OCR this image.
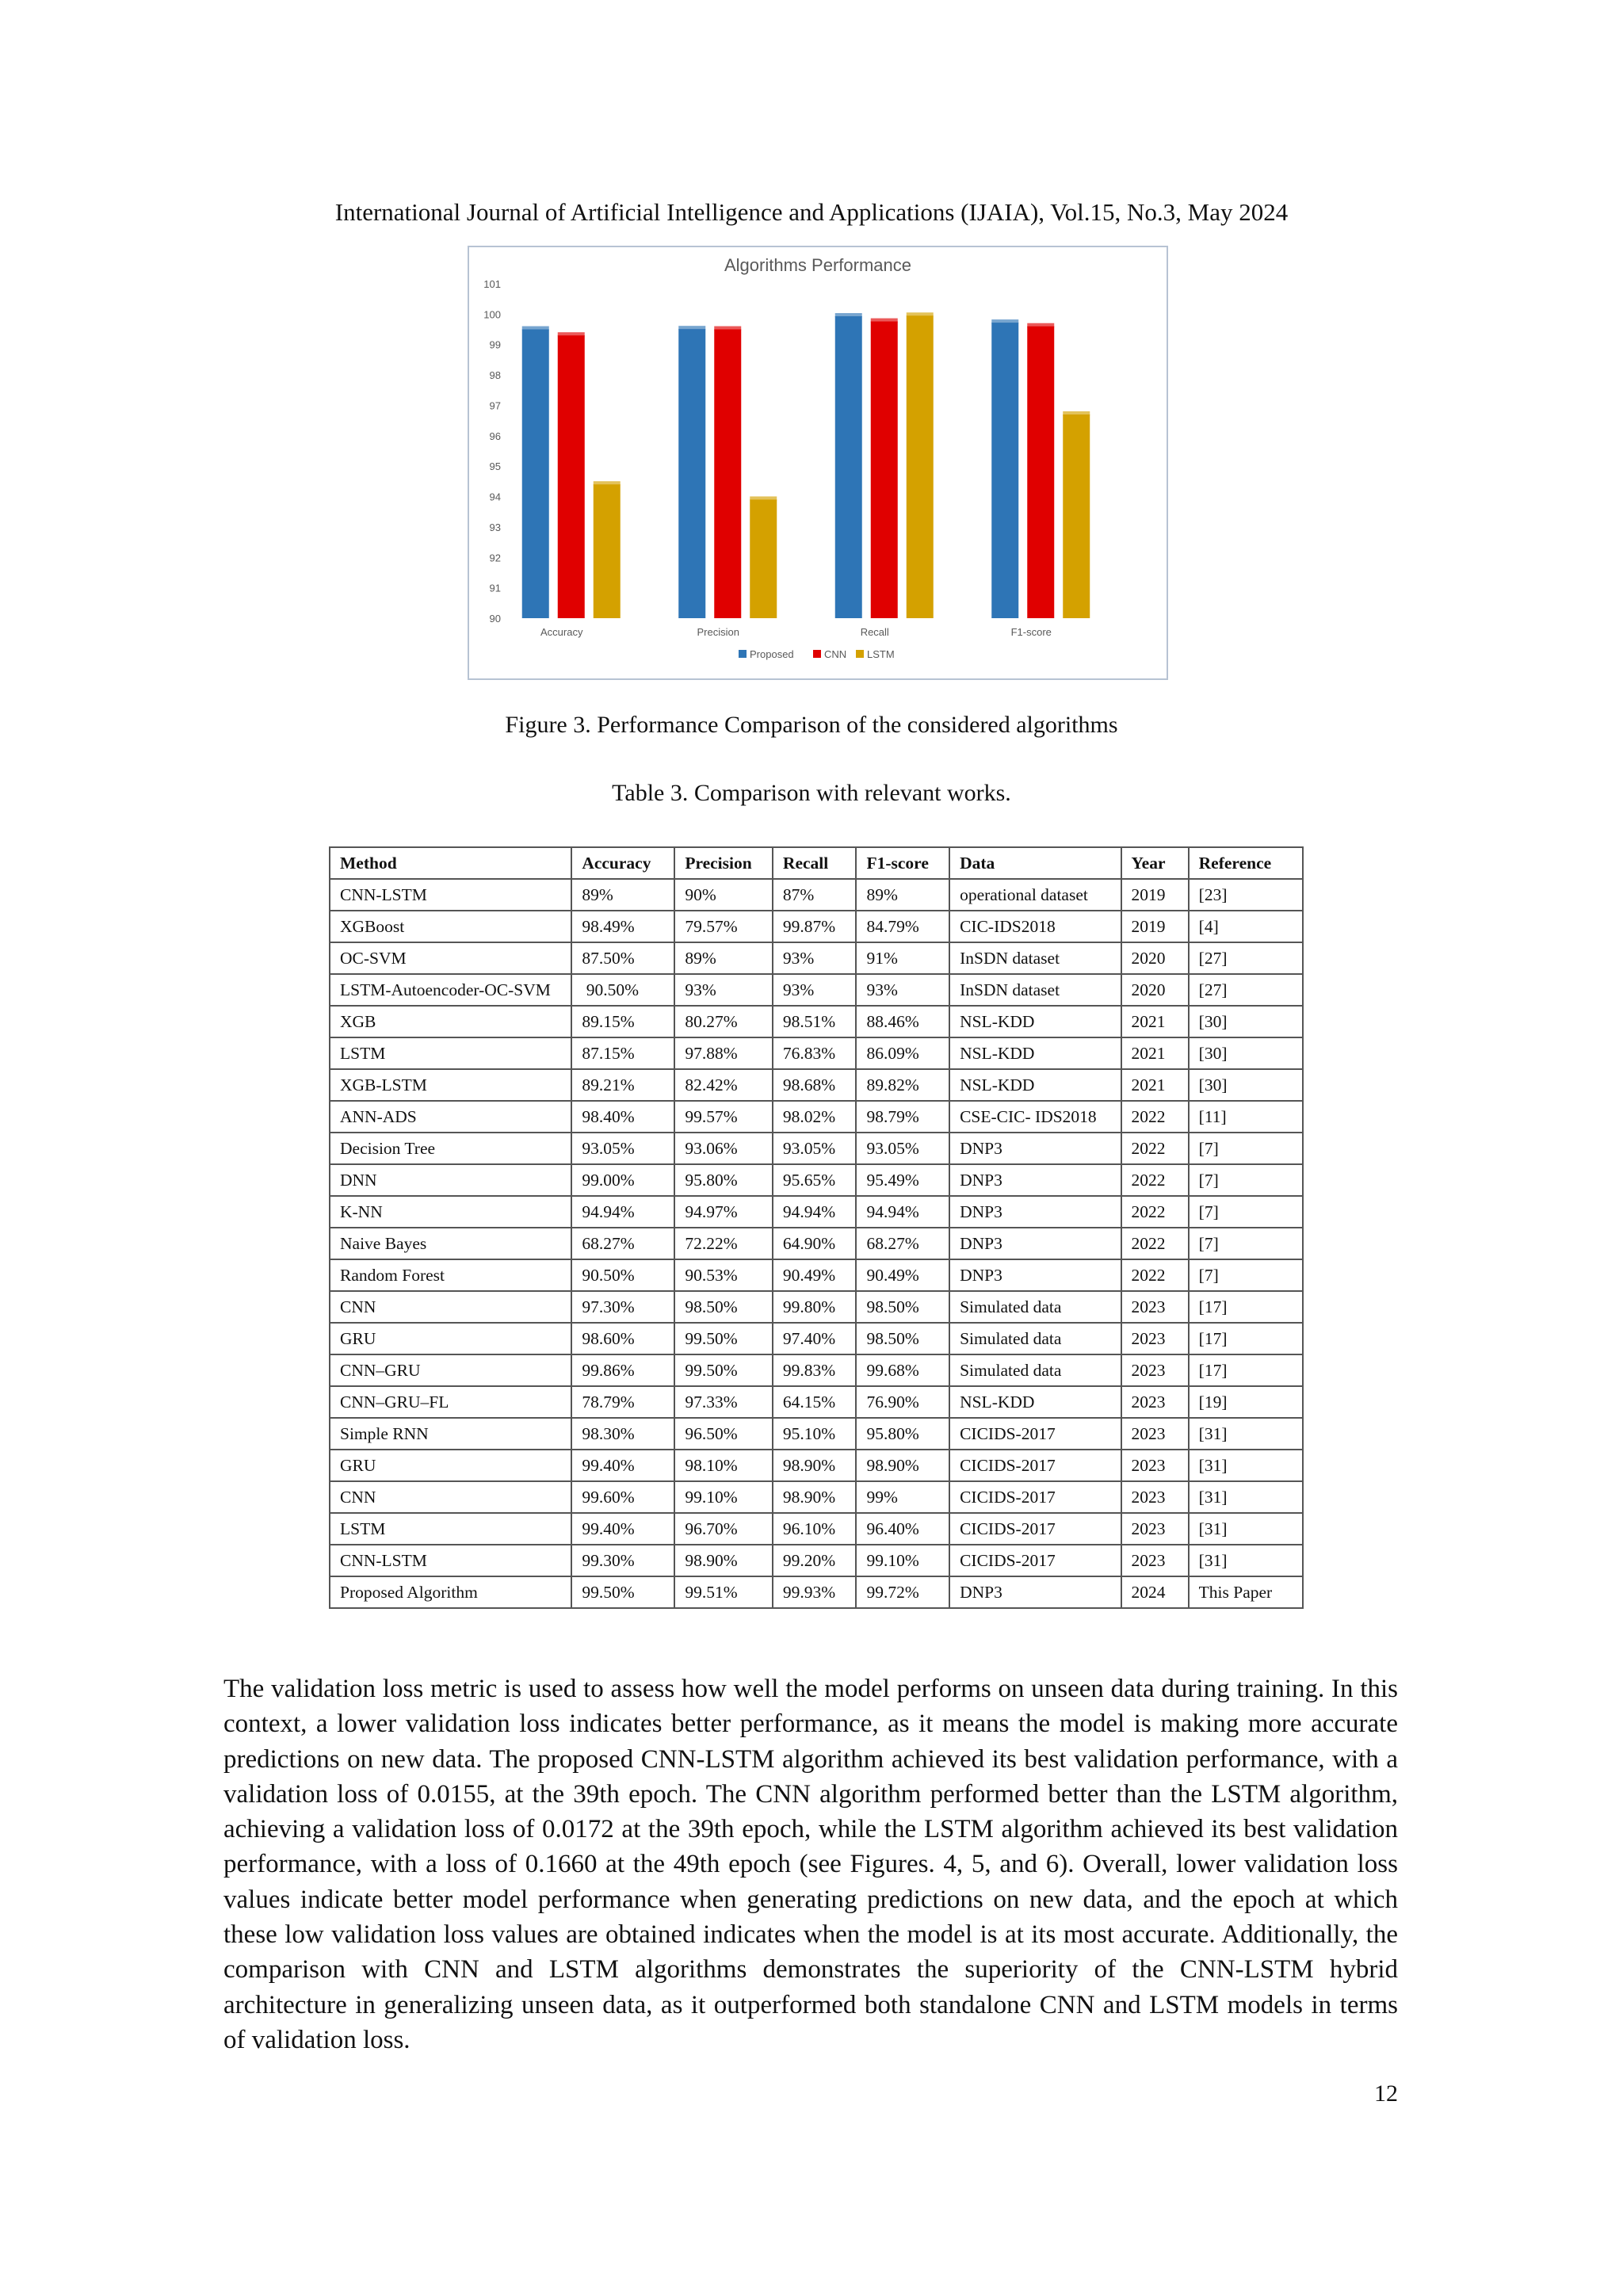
International Journal of Artificial Intelligence and Applications (IJAIA), Vol.15, No.3, May 2024
Algorithms Performance
101
100
99
98
97
96
95
94
93
92
91
90
Accuracy	Precision	Recall	F1-score
Proposed	CNN LSTM
Figure 3. Performance Comparison of the considered algorithms
Table 3. Comparison with relevant works.
Method	Accuracy	Precision	Recall	F1-score	Data	Year	Reference
CNN-LSTM	89%	90%	87%	89%	operational dataset	2019	[23]
XGBoost	98.49%	79.57%	99.87%	84.79%	CIC-IDS2018	2019	[4]
OC-SVM	87.50%	89%	93%	91%	InSDN dataset	2020	[27]
LSTM-Autoencoder-OC-SVM	90.50%	93%	93%	93%	InSDN dataset	2020	[27]
XGB	89.15%	80.27%	98.51%	88.46%	NSL-KDD	2021	[30]
LSTM	87.15%	97.88%	76.83%	86.09%	NSL-KDD	2021	[30]
XGB-LSTM	89.21%	82.42%	98.68%	89.82%	NSL-KDD	2021	[30]
ANN-ADS	98.40%	99.57%	98.02%	98.79%	CSE-CIC- IDS2018	2022	[11]
Decision Tree	93.05%	93.06%	93.05%	93.05%	DNP3	2022	[7]
DNN	99.00%	95.80%	95.65%	95.49%	DNP3	2022	[7]
K-NN	94.94%	94.97%	94.94%	94.94%	DNP3	2022	[7]
Naive Bayes	68.27%	72.22%	64.90%	68.27%	DNP3	2022	[7]
Random Forest	90.50%	90.53%	90.49%	90.49%	DNP3	2022	[7]
CNN	97.30%	98.50%	99.80%	98.50%	Simulated data	2023	[17]
GRU	98.60%	99.50%	97.40%	98.50%	Simulated data	2023	[17]
CNN–GRU	99.86%	99.50%	99.83%	99.68%	Simulated data	2023	[17]
CNN–GRU–FL	78.79%	97.33%	64.15%	76.90%	NSL-KDD	2023	[19]
Simple RNN	98.30%	96.50%	95.10%	95.80%	CICIDS-2017	2023	[31]
GRU	99.40%	98.10%	98.90%	98.90%	CICIDS-2017	2023	[31]
CNN	99.60%	99.10%	98.90%	99%	CICIDS-2017	2023	[31]
LSTM	99.40%	96.70%	96.10%	96.40%	CICIDS-2017	2023	[31]
CNN-LSTM	99.30%	98.90%	99.20%	99.10%	CICIDS-2017	2023	[31]
Proposed Algorithm	99.50%	99.51%	99.93%	99.72%	DNP3	2024	This Paper

The validation loss metric is used to assess how well the model performs on unseen data during training. In this context, a lower validation loss indicates better performance, as it means the model is making more accurate predictions on new data. The proposed CNN-LSTM algorithm achieved its best validation performance, with a validation loss of 0.0155, at the 39th epoch. The CNN algorithm performed better than the LSTM algorithm, achieving a validation loss of 0.0172 at the 39th epoch, while the LSTM algorithm achieved its best validation performance, with a loss of 0.1660 at the 49th epoch (see Figures. 4, 5, and 6). Overall, lower validation loss values indicate better model performance when generating predictions on new data, and the epoch at which these low validation loss values are obtained indicates when the model is at its most accurate. Additionally, the comparison with CNN and LSTM algorithms demonstrates the superiority of the CNN-LSTM hybrid architecture in generalizing unseen data, as it outperformed both standalone CNN and LSTM models in terms of validation loss.

12
